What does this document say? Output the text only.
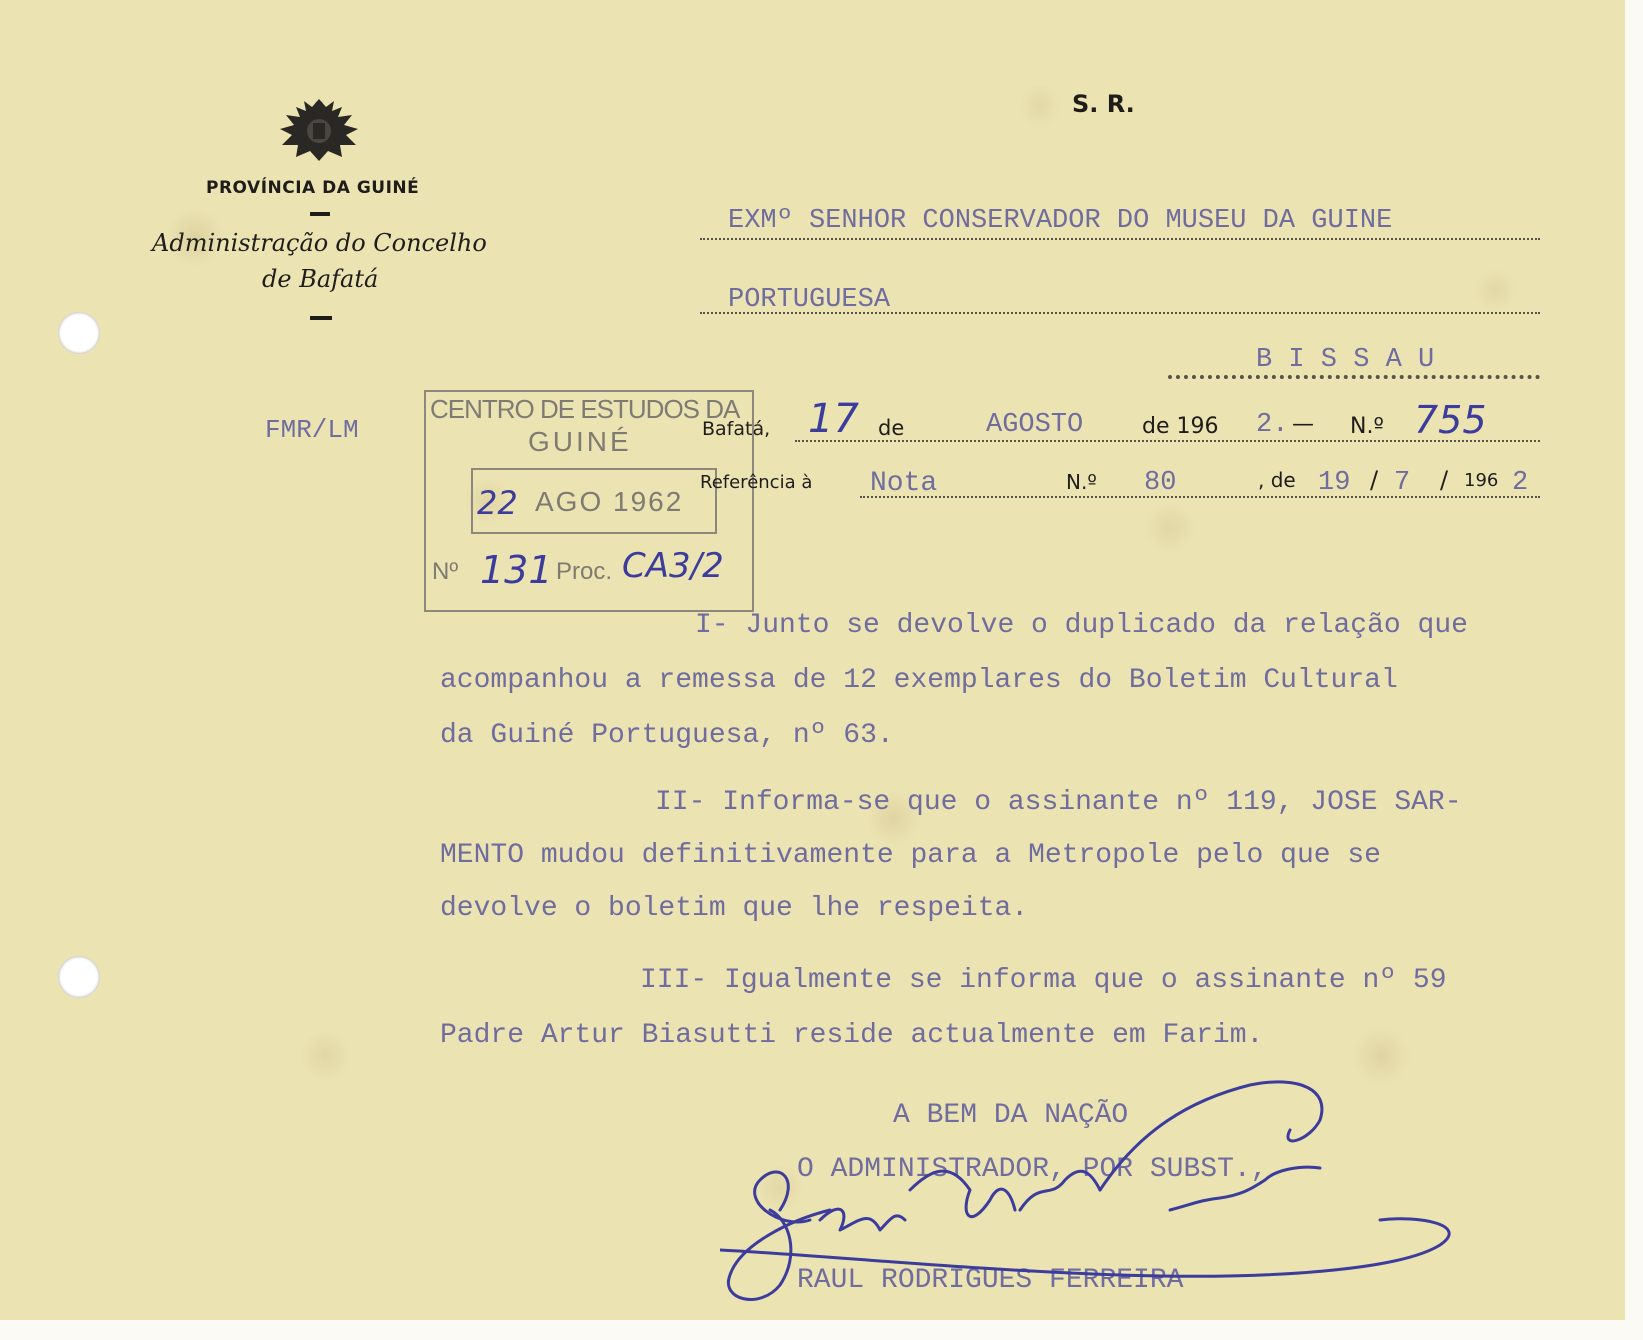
PROVÍNCIA DA GUINÉ
Administração do Concelho
de Bafatá
S. R.
EXMº SENHOR CONSERVADOR DO MUSEU DA GUINE
PORTUGUESA
B I S S A U
FMR/LM
CENTRO DE ESTUDOS DA
GUINÉ
22 AGO 1962
Nº 131 Proc. CA3/2
Bafatá, 17 de	AGOSTO	de 196 2. — N.º 755
Referência à Nota	N.º 80	, de 19 / 7 / 196 2
I- Junto se devolve o duplicado da relação que
acompanhou a remessa de 12 exemplares do Boletim Cultural
da Guiné Portuguesa, nº 63.
II- Informa-se que o assinante nº 119, JOSE SAR-
MENTO mudou definitivamente para a Metropole pelo que se
devolve o boletim que lhe respeita.
III- Igualmente se informa que o assinante nº 59
Padre Artur Biasutti reside actualmente em Farim.
A BEM DA NAÇÃO
O ADMINISTRADOR, POR SUBST.,
RAUL RODRIGUES FERREIRA
